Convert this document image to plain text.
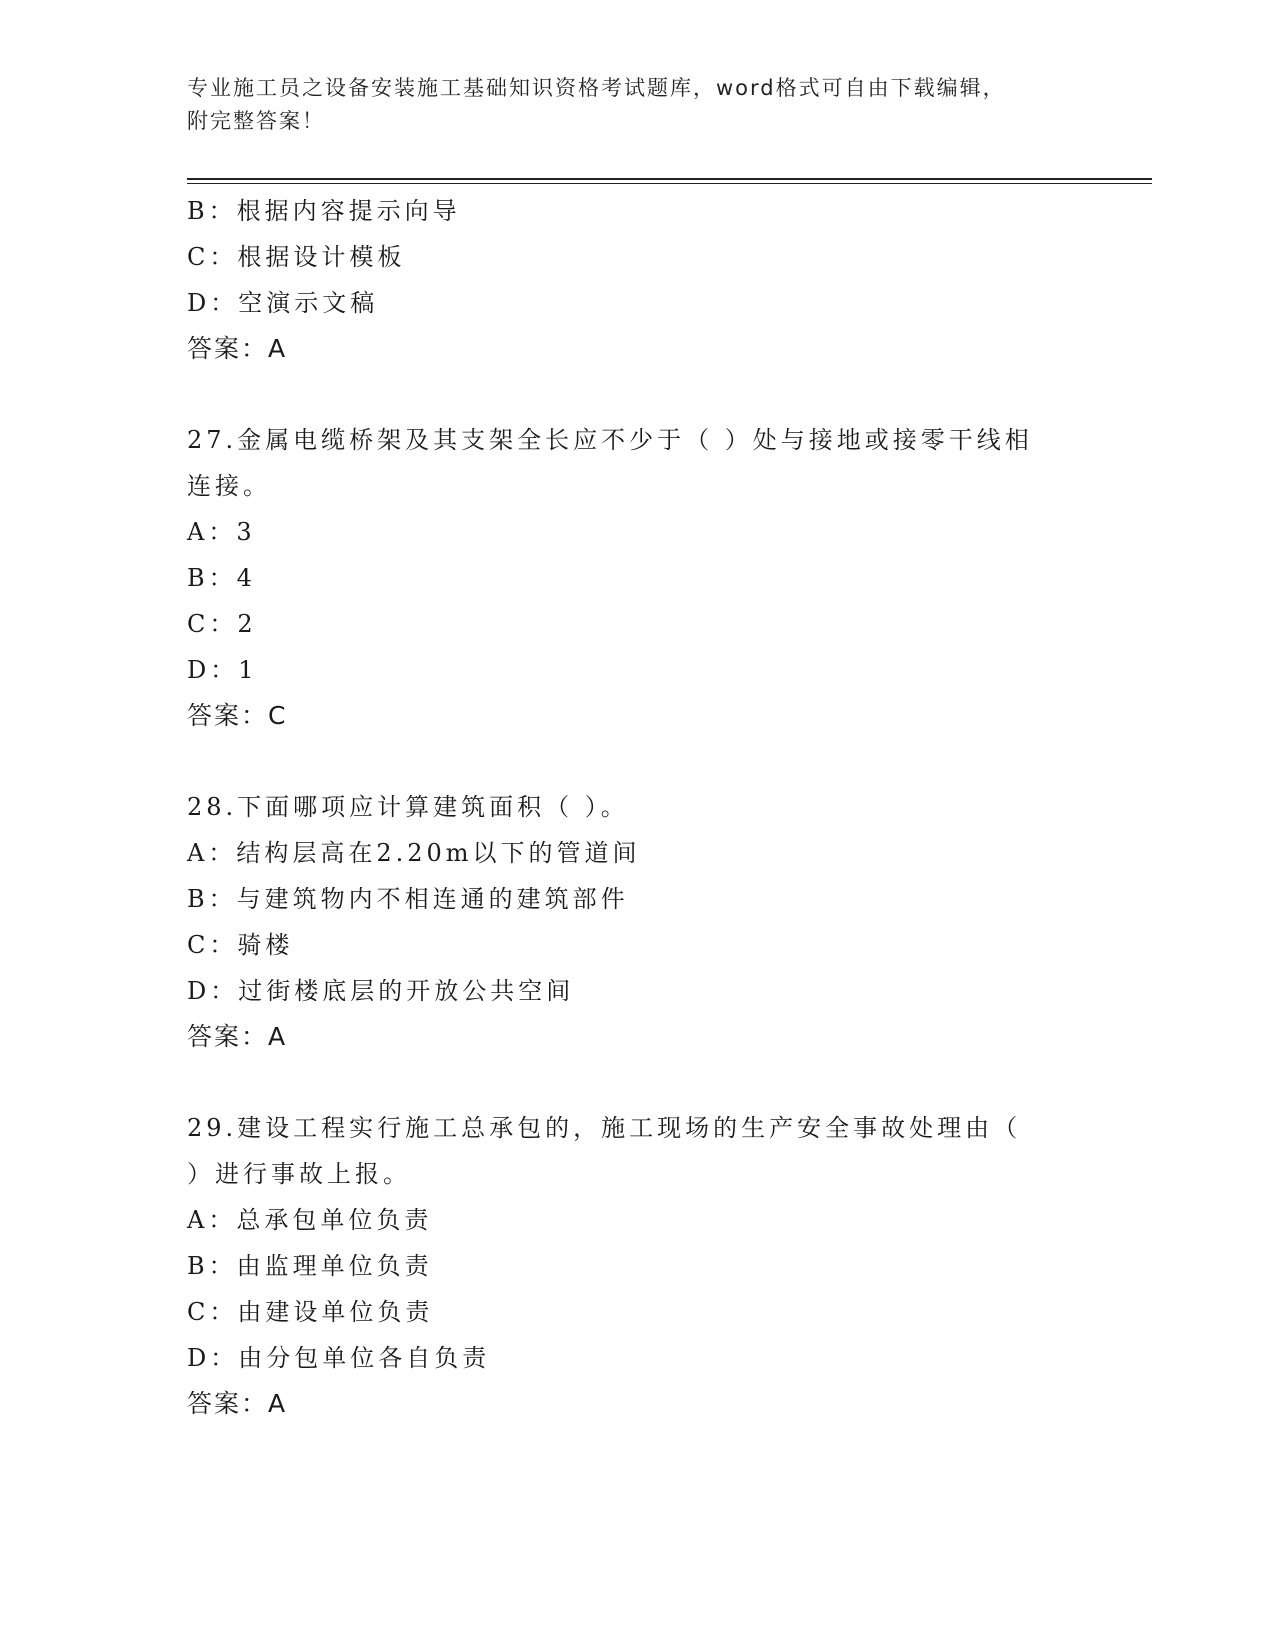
专业施工员之设备安装施工基础知识资格考试题库，word格式可自由下载编辑，
附完整答案！
B：根据内容提示向导
C：根据设计模板
D：空演示文稿
答案：A
27.金属电缆桥架及其支架全长应不少于（ ）处与接地或接零干线相
连接。
A：3
B：4
C：2
D：1
答案：C
28.下面哪项应计算建筑面积（ ）。
A：结构层高在2.20m以下的管道间
B：与建筑物内不相连通的建筑部件
C：骑楼
D：过街楼底层的开放公共空间
答案：A
29.建设工程实行施工总承包的，施工现场的生产安全事故处理由（
）进行事故上报。
A：总承包单位负责
B：由监理单位负责
C：由建设单位负责
D：由分包单位各自负责
答案：A
